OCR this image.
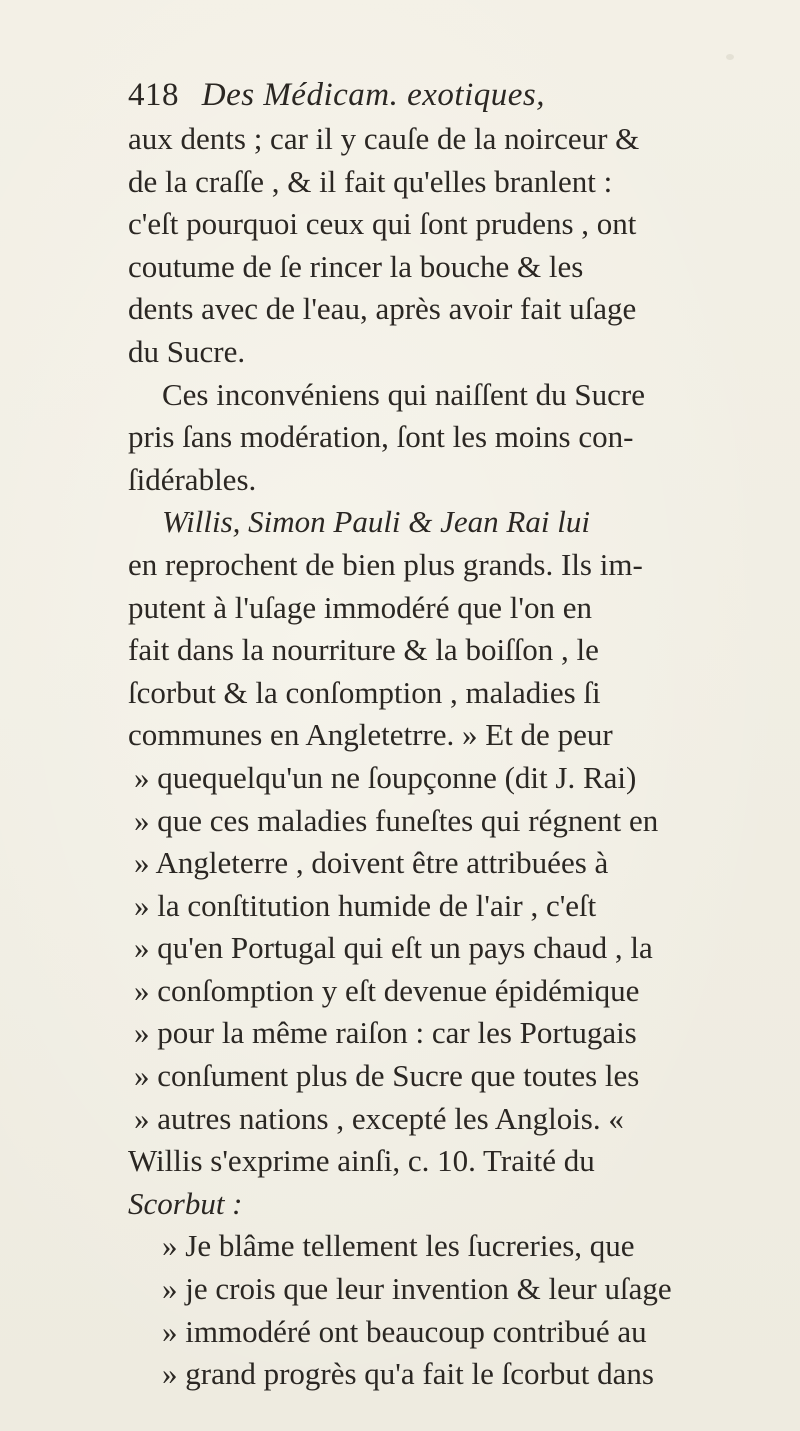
418 Des Médicam. exotiques,
aux dents ; car il y cauſe de la noirceur &
de la craſſe , & il fait qu'elles branlent :
c'eſt pourquoi ceux qui ſont prudens , ont
coutume de ſe rincer la bouche & les
dents avec de l'eau, après avoir fait uſage
du Sucre.
Ces inconvéniens qui naiſſent du Sucre
pris ſans modération, ſont les moins con-
ſidérables.
Willis, Simon Pauli & Jean Rai lui
en reprochent de bien plus grands. Ils im-
putent à l'uſage immodéré que l'on en
fait dans la nourriture & la boiſſon , le
ſcorbut & la conſomption , maladies ſi
communes en Angletetrre. » Et de peur
» quequelqu'un ne ſoupçonne (dit J. Rai)
» que ces maladies funeſtes qui régnent en
» Angleterre , doivent être attribuées à
» la conſtitution humide de l'air , c'eſt
» qu'en Portugal qui eſt un pays chaud , la
» conſomption y eſt devenue épidémique
» pour la même raiſon : car les Portugais
» conſument plus de Sucre que toutes les
» autres nations , excepté les Anglois. «
Willis s'exprime ainſi, c. 10. Traité du
Scorbut :
» Je blâme tellement les ſucreries, que
» je crois que leur invention & leur uſage
» immodéré ont beaucoup contribué au
» grand progrès qu'a fait le ſcorbut dans
